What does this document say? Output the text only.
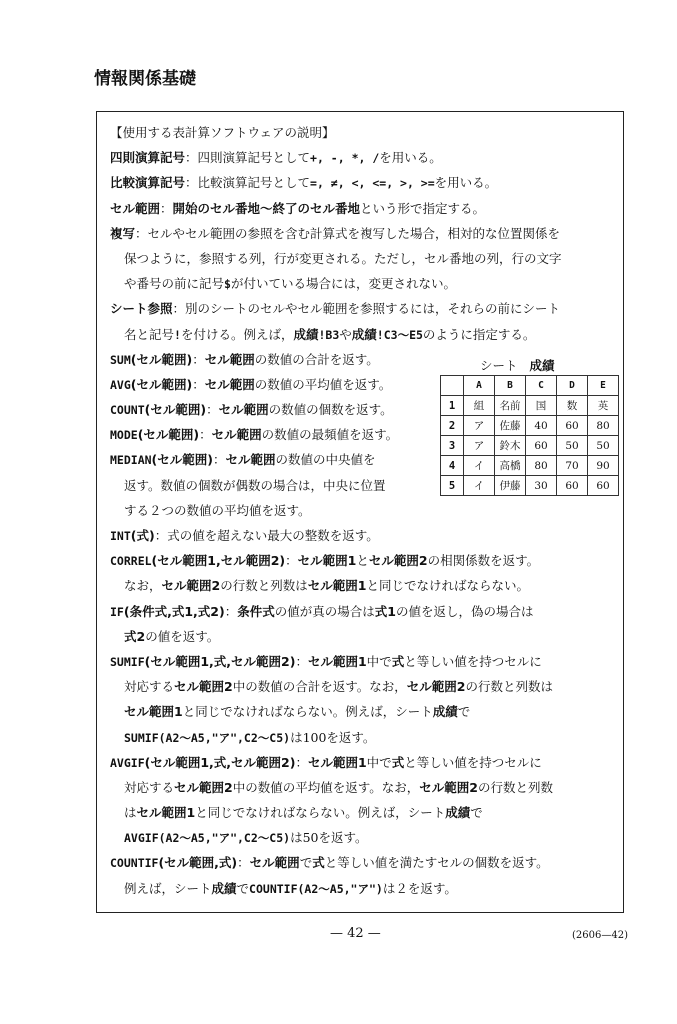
情報関係基礎
【使用する表計算ソフトウェアの説明】
四則演算記号：四則演算記号として+, -, *, /を用いる。
比較演算記号：比較演算記号として=, ≠, <, <=, >, >=を用いる。
セル範囲：開始のセル番地〜終了のセル番地という形で指定する。
複写：セルやセル範囲の参照を含む計算式を複写した場合，相対的な位置関係を
保つように，参照する列，行が変更される。ただし，セル番地の列，行の文字
や番号の前に記号$が付いている場合には，変更されない。
シート参照：別のシートのセルやセル範囲を参照するには，それらの前にシート
名と記号!を付ける。例えば，成績!B3や成績!C3〜E5のように指定する。
SUM(セル範囲)：セル範囲の数値の合計を返す。
AVG(セル範囲)：セル範囲の数値の平均値を返す。
COUNT(セル範囲)：セル範囲の数値の個数を返す。
MODE(セル範囲)：セル範囲の数値の最頻値を返す。
MEDIAN(セル範囲)：セル範囲の数値の中央値を
返す。数値の個数が偶数の場合は，中央に位置
する２つの数値の平均値を返す。
INT(式)：式の値を超えない最大の整数を返す。
CORREL(セル範囲1,セル範囲2)：セル範囲1とセル範囲2の相関係数を返す。
なお，セル範囲2の行数と列数はセル範囲1と同じでなければならない。
IF(条件式,式1,式2)：条件式の値が真の場合は式1の値を返し，偽の場合は
式2の値を返す。
SUMIF(セル範囲1,式,セル範囲2)：セル範囲1中で式と等しい値を持つセルに
対応するセル範囲2中の数値の合計を返す。なお，セル範囲2の行数と列数は
セル範囲1と同じでなければならない。例えば，シート成績で
SUMIF(A2〜A5,"ア",C2〜C5)は100を返す。
AVGIF(セル範囲1,式,セル範囲2)：セル範囲1中で式と等しい値を持つセルに
対応するセル範囲2中の数値の平均値を返す。なお，セル範囲2の行数と列数
はセル範囲1と同じでなければならない。例えば，シート成績で
AVGIF(A2〜A5,"ア",C2〜C5)は50を返す。
COUNTIF(セル範囲,式)：セル範囲で式と等しい値を満たすセルの個数を返す。
例えば，シート成績でCOUNTIF(A2〜A5,"ア")は２を返す。
シート 成績
	A	B	C	D	E
1	組	名前	国	数	英
2	ア	佐藤	40	60	80
3	ア	鈴木	60	50	50
4	イ	高橋	80	70	90
5	イ	伊藤	30	60	60
— 42 —	(2606—42)
